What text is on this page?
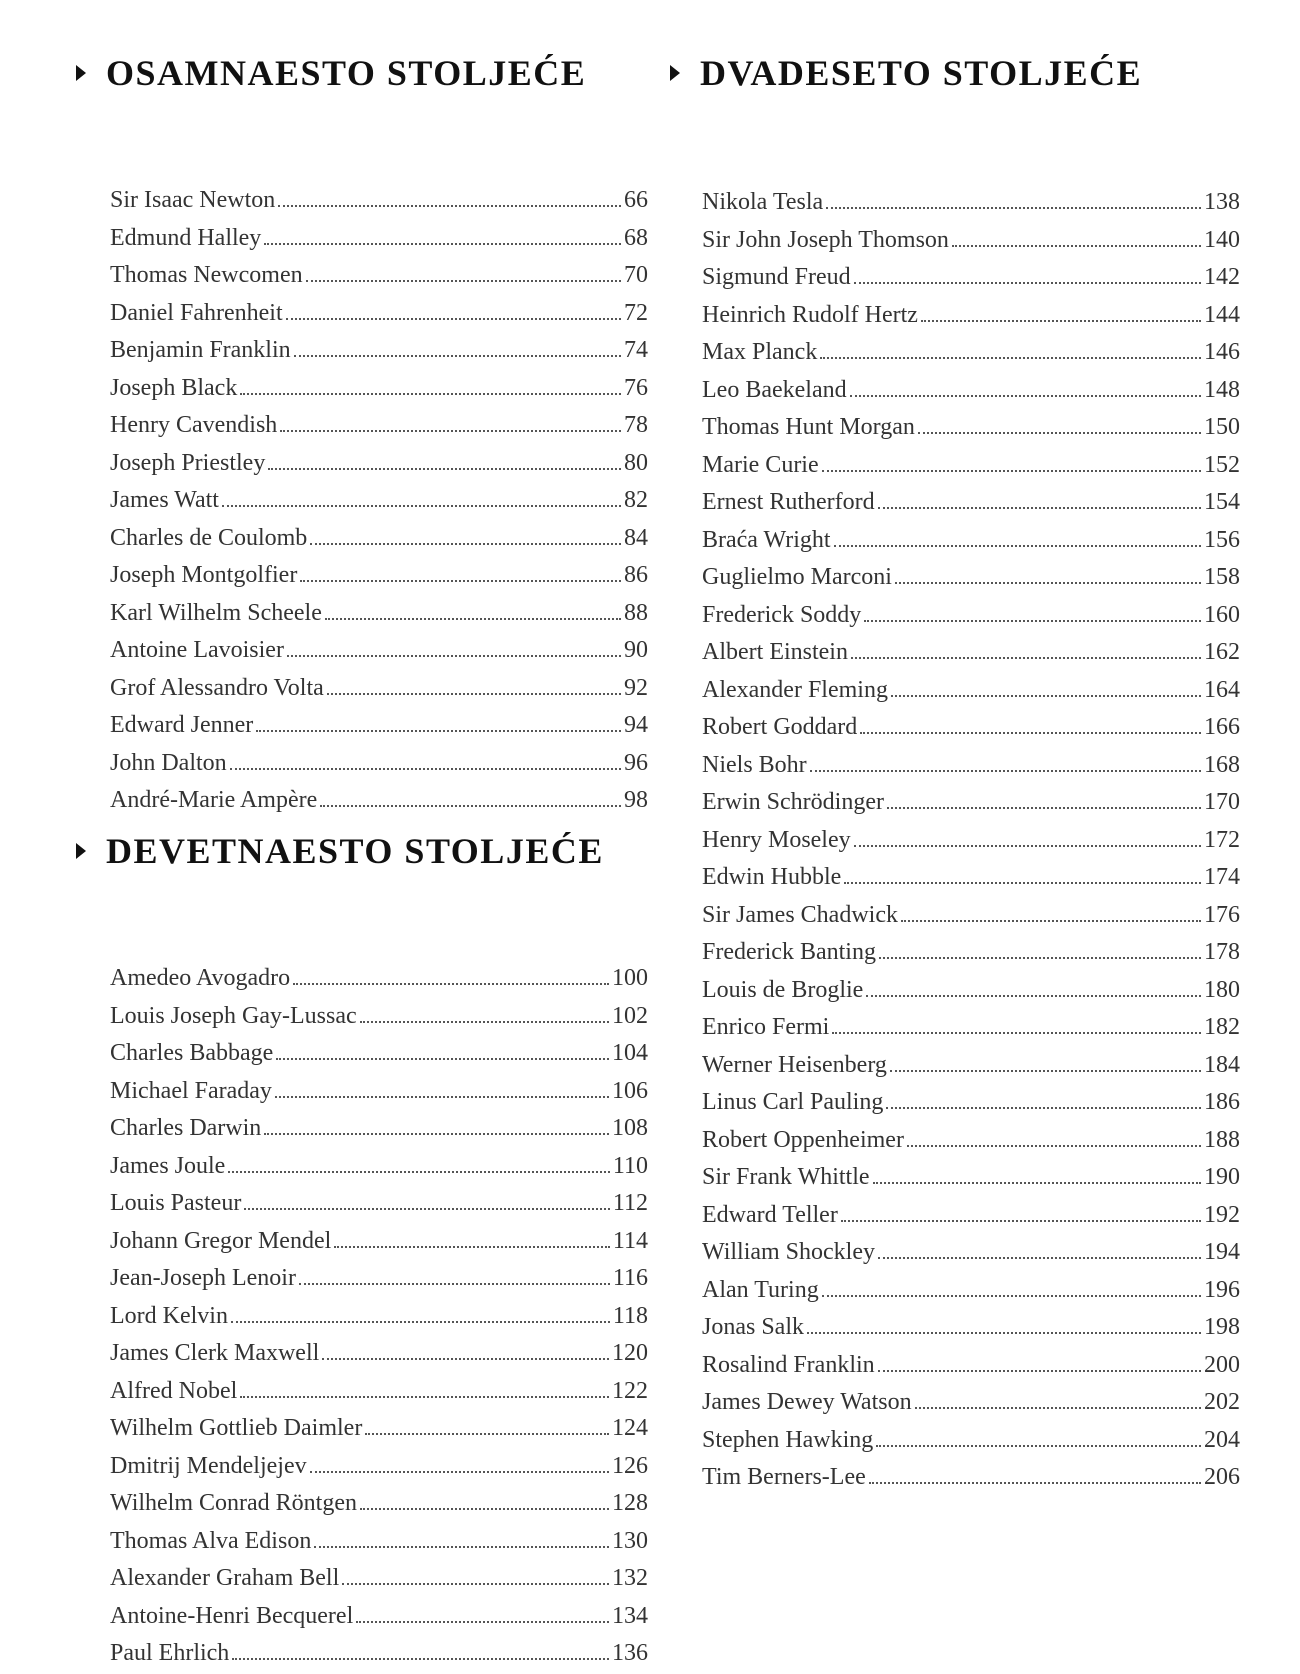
OSAMNAESTO STOLJEĆE
Sir Isaac Newton	66
Edmund Halley	68
Thomas Newcomen	70
Daniel Fahrenheit	72
Benjamin Franklin	74
Joseph Black	76
Henry Cavendish	78
Joseph Priestley	80
James Watt	82
Charles de Coulomb	84
Joseph Montgolfier	86
Karl Wilhelm Scheele	88
Antoine Lavoisier	90
Grof Alessandro Volta	92
Edward Jenner	94
John Dalton	96
André-Marie Ampère	98
DEVETNAESTO STOLJEĆE
Amedeo Avogadro	100
Louis Joseph Gay-Lussac	102
Charles Babbage	104
Michael Faraday	106
Charles Darwin	108
James Joule	110
Louis Pasteur	112
Johann Gregor Mendel	114
Jean-Joseph Lenoir	116
Lord Kelvin	118
James Clerk Maxwell	120
Alfred Nobel	122
Wilhelm Gottlieb Daimler	124
Dmitrij Mendeljejev	126
Wilhelm Conrad Röntgen	128
Thomas Alva Edison	130
Alexander Graham Bell	132
Antoine-Henri Becquerel	134
Paul Ehrlich	136
DVADESETO STOLJEĆE
Nikola Tesla	138
Sir John Joseph Thomson	140
Sigmund Freud	142
Heinrich Rudolf Hertz	144
Max Planck	146
Leo Baekeland	148
Thomas Hunt Morgan	150
Marie Curie	152
Ernest Rutherford	154
Braća Wright	156
Guglielmo Marconi	158
Frederick Soddy	160
Albert Einstein	162
Alexander Fleming	164
Robert Goddard	166
Niels Bohr	168
Erwin Schrödinger	170
Henry Moseley	172
Edwin Hubble	174
Sir James Chadwick	176
Frederick Banting	178
Louis de Broglie	180
Enrico Fermi	182
Werner Heisenberg	184
Linus Carl Pauling	186
Robert Oppenheimer	188
Sir Frank Whittle	190
Edward Teller	192
William Shockley	194
Alan Turing	196
Jonas Salk	198
Rosalind Franklin	200
James Dewey Watson	202
Stephen Hawking	204
Tim Berners-Lee	206
